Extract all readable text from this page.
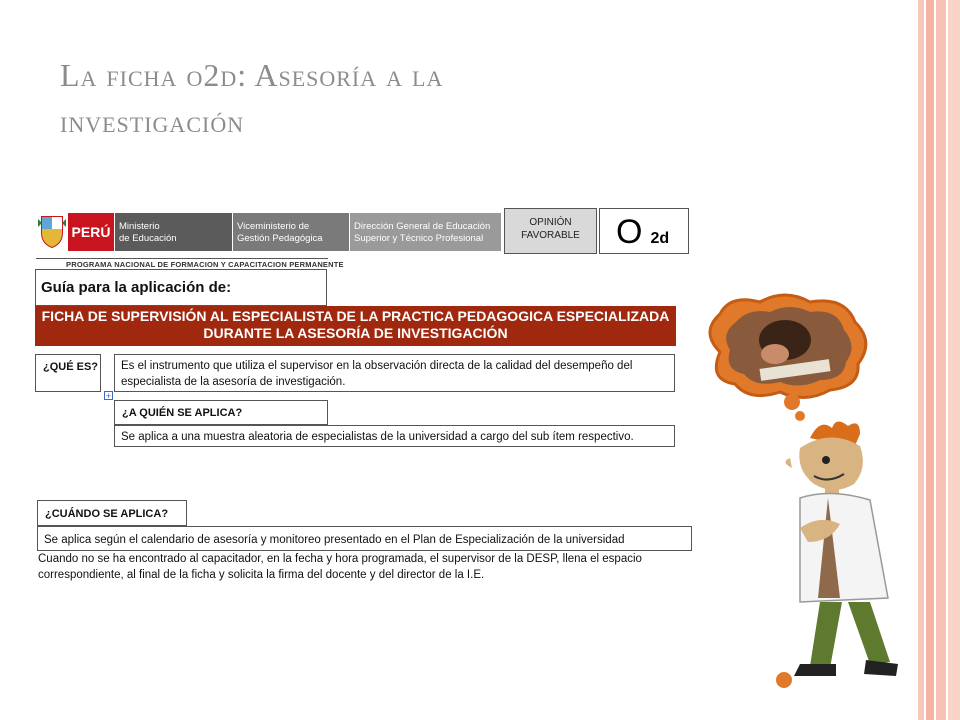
La ficha o2d: Asesoría a la
investigación
PERÚ Ministerio
de Educación
Viceministerio de
Gestión Pedagógica
Dirección General de Educación
Superior y Técnico Profesional
OPINIÓN
FAVORABLE	O 2d
PROGRAMA NACIONAL DE FORMACION Y CAPACITACION PERMANENTE
Guía para la aplicación de:
FICHA DE SUPERVISIÓN AL ESPECIALISTA DE LA PRACTICA PEDAGOGICA ESPECIALIZADA
DURANTE LA ASESORÍA DE INVESTIGACIÓN
¿QUÉ ES?	Es el instrumento que utiliza el supervisor en la observación directa de la calidad del desempeño del especialista de la asesoría de investigación.
+
¿A QUIÉN SE APLICA?
Se aplica a una muestra aleatoria de especialistas de la universidad a cargo del sub ítem respectivo.
¿CUÁNDO SE APLICA?
Se aplica según el calendario de asesoría y monitoreo presentado en el Plan de Especialización de la universidad
Cuando no se ha encontrado al capacitador, en la fecha y hora programada, el supervisor de la DESP, llena el espacio correspondiente, al final de la ficha y solicita la firma del docente y del director de la I.E.
